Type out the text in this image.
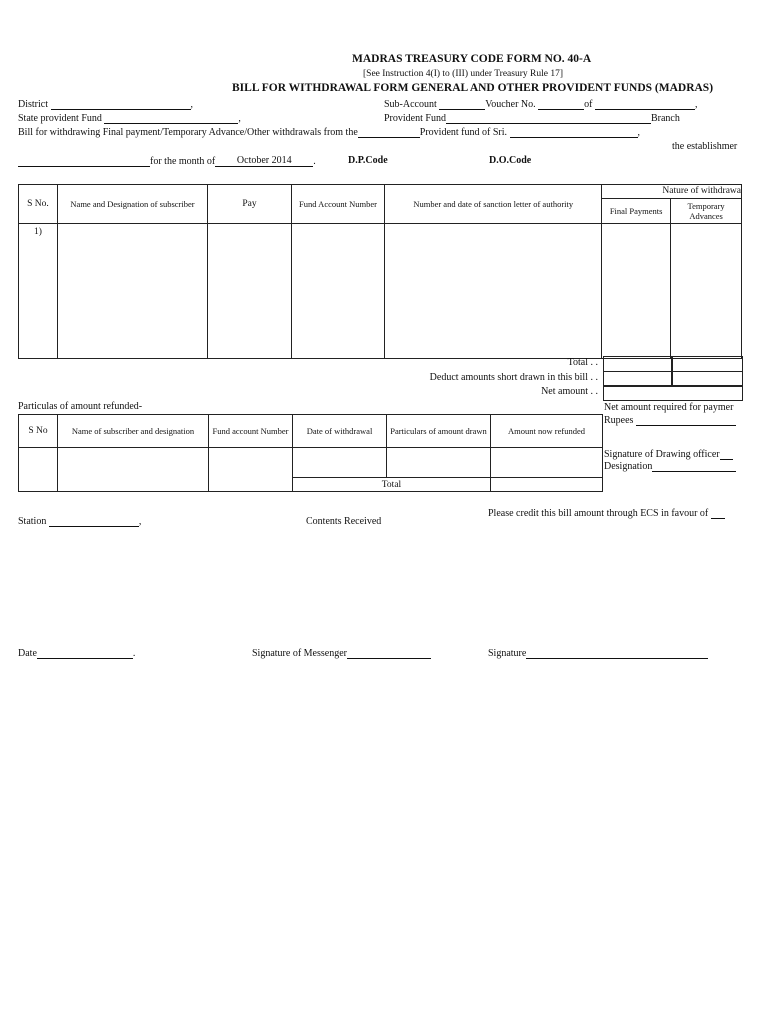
MADRAS TREASURY CODE FORM NO. 40-A
[See Instruction 4(I) to (III) under Treasury Rule 17]
BILL FOR WITHDRAWAL FORM GENERAL AND OTHER PROVIDENT FUNDS (MADRAS)
District	,	Sub-Account	Voucher No.	of	,
State provident Fund	,	Provident Fund	Branch
Bill for withdrawing Final payment/Temporary Advance/Other withdrawals from the	Provident fund of Sri.	,
the establishmer
for the month of October 2014 .	D.P.Code	D.O.Code
S No.	Name and Designation of subscriber	Pay	Fund Account Number	Number and date of sanction letter of authority	Nature of withdrawa
Final Payments Temporary Advances

1)					
Total . .
Deduct amounts short drawn in this bill . .
Net amount . .
Net amount required for paymer
Rupees
Signature of Drawing officer
Designation
Particulas of amount refunded-
S No	Name of subscriber and designation	Fund account Number	Date of withdrawal	Particulars of amount drawn	Amount now refunded

			Total		
Station	,	Contents Received
Please credit this bill amount through ECS in favour of
Date	.	Signature of Messenger	Signature
